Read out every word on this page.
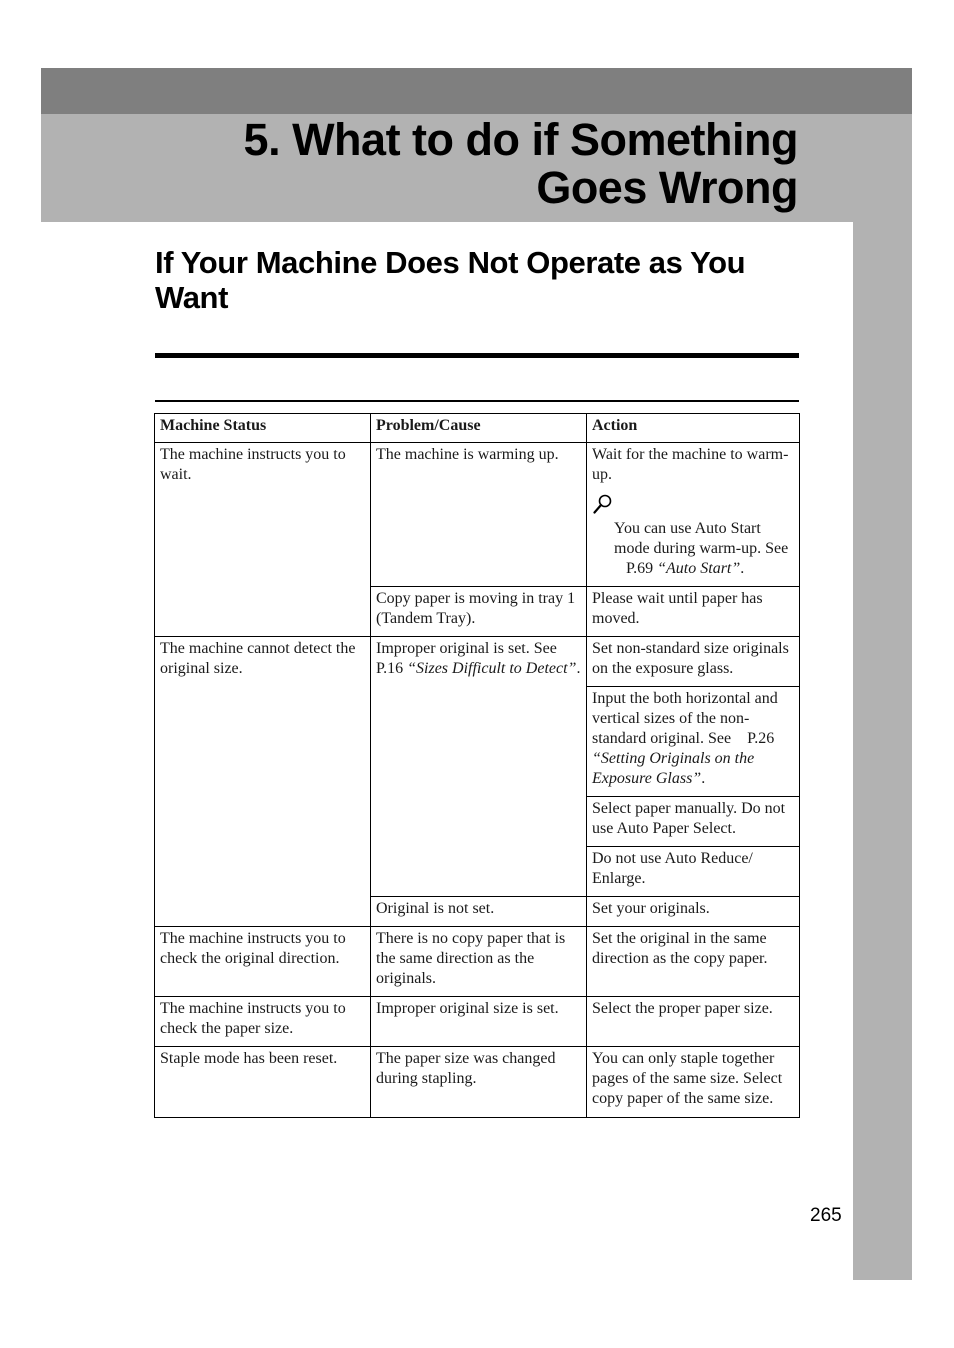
5. What to do if Something
Goes Wrong
If Your Machine Does Not Operate as You Want
Machine Status	Problem/Cause	Action
The machine instructs you to wait.	The machine is warming up.	Wait for the machine to warm-up.
You can use Auto Start mode during warm-up. See P.69 “Auto Start”.

	Copy paper is moving in tray 1 (Tandem Tray).	Please wait until paper has moved.
The machine cannot detect the original size.	Improper original is set. See P.16 “Sizes Difficult to Detect”.	Set non-standard size originals on the exposure glass.
		Input the both horizontal and vertical sizes of the non-standard original. See P.26 “Setting Originals on the Exposure Glass”.
		Select paper manually. Do not use Auto Paper Select.
		Do not use Auto Reduce/ Enlarge.
	Original is not set.	Set your originals.
The machine instructs you to check the original direction.	There is no copy paper that is the same direction as the originals.	Set the original in the same direction as the copy paper.
The machine instructs you to check the paper size.	Improper original size is set.	Select the proper paper size.
Staple mode has been reset.	The paper size was changed during stapling.	You can only staple together pages of the same size. Select copy paper of the same size.
265
